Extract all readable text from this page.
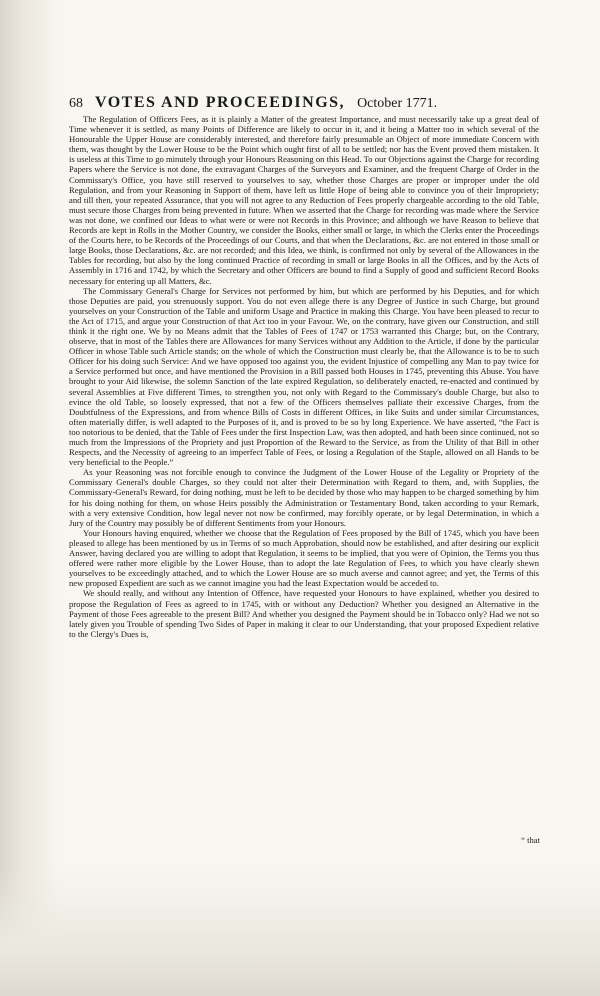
68 VOTES AND PROCEEDINGS, October 1771.

The Regulation of Officers Fees, as it is plainly a Matter of the greatest Importance, and must necessarily take up a great deal of Time whenever it is settled, as many Points of Difference are likely to occur in it, and it being a Matter too in which several of the Honourable the Upper House are considerably interested, and therefore fairly presumable an Object of more immediate Concern with them, was thought by the Lower House to be the Point which ought first of all to be settled; nor has the Event proved them mistaken. It is useless at this Time to go minutely through your Honours Reasoning on this Head. To our Objections against the Charge for recording Papers where the Service is not done, the extravagant Charges of the Surveyors and Examiner, and the frequent Charge of Order in the Commissary's Office, you have still reserved to yourselves to say, whether those Charges are proper or improper under the old Regulation, and from your Reasoning in Support of them, have left us little Hope of being able to convince you of their Impropriety; and till then, your repeated Assurance, that you will not agree to any Reduction of Fees properly chargeable according to the old Table, must secure those Charges from being prevented in future. When we asserted that the Charge for recording was made where the Service was not done, we confined our Ideas to what were or were not Records in this Province; and although we have Reason to believe that Records are kept in Rolls in the Mother Country, we consider the Books, either small or large, in which the Clerks enter the Proceedings of the Courts here, to be Records of the Proceedings of our Courts, and that when the Declarations, &c. are not entered in those small or large Books, those Declarations, &c. are not recorded; and this Idea, we think, is confirmed not only by several of the Allowances in the Tables for recording, but also by the long continued Practice of recording in small or large Books in all the Offices, and by the Acts of Assembly in 1716 and 1742, by which the Secretary and other Officers are bound to find a Supply of good and sufficient Record Books necessary for entering up all Matters, &c.

The Commissary General's Charge for Services not performed by him, but which are performed by his Deputies, and for which those Deputies are paid, you strenuously support. You do not even allege there is any Degree of Justice in such Charge, but ground yourselves on your Construction of the Table and uniform Usage and Practice in making this Charge. You have been pleased to recur to the Act of 1715, and argue your Construction of that Act too in your Favour. We, on the contrary, have given our Construction, and still think it the right one. We by no Means admit that the Tables of Fees of 1747 or 1753 warranted this Charge; but, on the Contrary, observe, that in most of the Tables there are Allowances for many Services without any Addition to the Article, if done by the particular Officer in whose Table such Article stands; on the whole of which the Construction must clearly be, that the Allowance is to be to such Officer for his doing such Service: And we have opposed too against you, the evident Injustice of compelling any Man to pay twice for a Service performed but once, and have mentioned the Provision in a Bill passed both Houses in 1745, preventing this Abuse. You have brought to your Aid likewise, the solemn Sanction of the late expired Regulation, so deliberately enacted, re-enacted and continued by several Assemblies at Five different Times, to strengthen you, not only with Regard to the Commissary's double Charge, but also to evince the old Table, so loosely expressed, that not a few of the Officers themselves palliate their excessive Charges, from the Doubtfulness of the Expressions, and from whence Bills of Costs in different Offices, in like Suits and under similar Circumstances, often materially differ, is well adapted to the Purposes of it, and is proved to be so by long Experience. We have asserted, “the Fact is too notorious to be denied, that the Table of Fees under the first Inspection Law, was then adopted, and hath been since continued, not so much from the Impressions of the Propriety and just Proportion of the Reward to the Service, as from the Utility of that Bill in other Respects, and the Necessity of agreeing to an imperfect Table of Fees, or losing a Regulation of the Staple, allowed on all Hands to be very beneficial to the People.”

As your Reasoning was not forcible enough to convince the Judgment of the Lower House of the Legality or Propriety of the Commissary General's double Charges, so they could not alter their Determination with Regard to them, and, with Supplies, the Commissary-General's Reward, for doing nothing, must be left to be decided by those who may happen to be charged something by him for his doing nothing for them, on whose Heirs possibly the Administration or Testamentary Bond, taken according to your Remark, with a very extensive Condition, how legal never not now be confirmed, may forcibly operate, or by legal Determination, in which a Jury of the Country may possibly be of different Sentiments from your Honours.

Your Honours having enquired, whether we choose that the Regulation of Fees proposed by the Bill of 1745, which you have been pleased to allege has been mentioned by us in Terms of so much Approbation, should now be established, and after desiring our explicit Answer, having declared you are willing to adopt that Regulation, it seems to be implied, that you were of Opinion, the Terms you thus offered were rather more eligible by the Lower House, than to adopt the late Regulation of Fees, to which you have clearly shewn yourselves to be exceedingly attached, and to which the Lower House are so much averse and cannot agree; and yet, the Terms of this new proposed Expedient are such as we cannot imagine you had the least Expectation would be acceded to.

We should really, and without any Intention of Offence, have requested your Honours to have explained, whether you desired to propose the Regulation of Fees as agreed to in 1745, with or without any Deduction? Whether you designed an Alternative in the Payment of those Fees agreeable to the present Bill? And whether you designed the Payment should be in Tobacco only? Had we not so lately given you Trouble of spending Two Sides of Paper in making it clear to our Understanding, that your proposed Expedient relative to the Clergy's Dues is,

“ that
